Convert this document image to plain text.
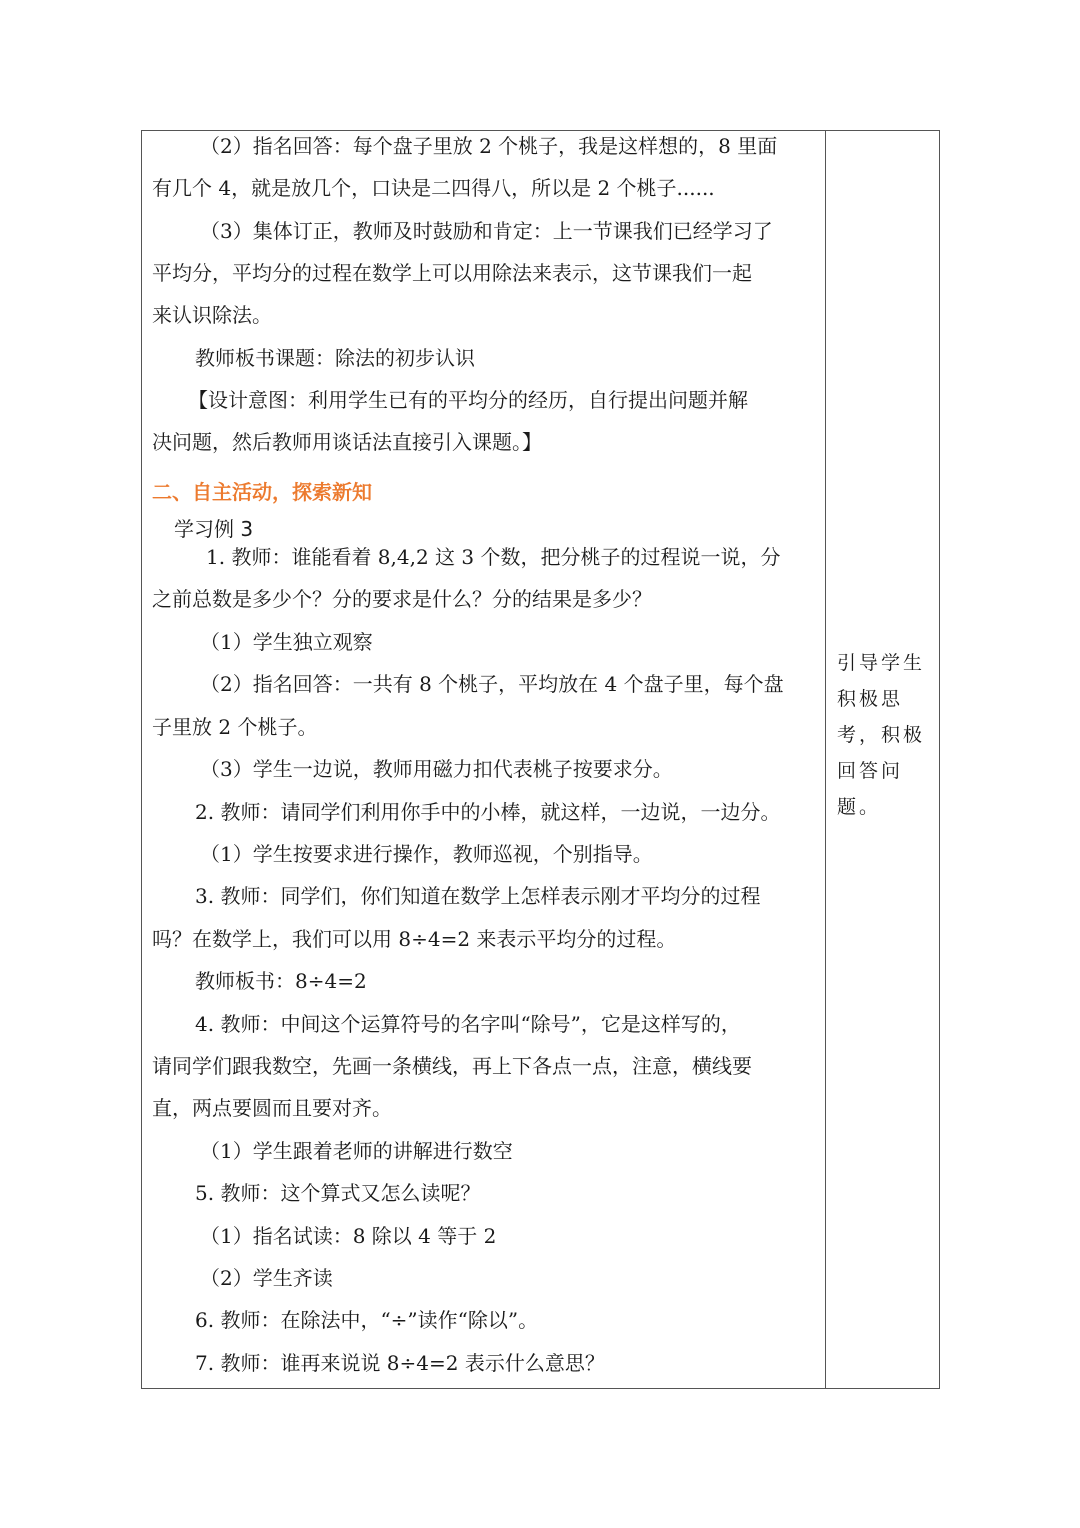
（2）指名回答：每个盘子里放 2 个桃子，我是这样想的，8 里面
有几个 4，就是放几个，口诀是二四得八，所以是 2 个桃子......
（3）集体订正，教师及时鼓励和肯定：上一节课我们已经学习了
平均分，平均分的过程在数学上可以用除法来表示，这节课我们一起
来认识除法。
教师板书课题：除法的初步认识
【设计意图：利用学生已有的平均分的经历，自行提出问题并解
决问题，然后教师用谈话法直接引入课题。】
二、自主活动，探索新知
学习例 3
1. 教师：谁能看着 8,4,2 这 3 个数，把分桃子的过程说一说，分
之前总数是多少个？分的要求是什么？分的结果是多少？
（1）学生独立观察
（2）指名回答：一共有 8 个桃子，平均放在 4 个盘子里，每个盘
子里放 2 个桃子。
（3）学生一边说，教师用磁力扣代表桃子按要求分。
2. 教师：请同学们利用你手中的小棒，就这样，一边说，一边分。
（1）学生按要求进行操作，教师巡视，个别指导。
3. 教师：同学们，你们知道在数学上怎样表示刚才平均分的过程
吗？在数学上，我们可以用 8÷4=2 来表示平均分的过程。
教师板书：8÷4=2
4. 教师：中间这个运算符号的名字叫“除号”，它是这样写的，
请同学们跟我数空，先画一条横线，再上下各点一点，注意，横线要
直，两点要圆而且要对齐。
（1）学生跟着老师的讲解进行数空
5. 教师：这个算式又怎么读呢？
（1）指名试读：8 除以 4 等于 2
（2）学生齐读
6. 教师：在除法中，“÷”读作“除以”。
7. 教师：谁再来说说 8÷4=2 表示什么意思？
引导学生
积极思
考，积极
回答问
题。
